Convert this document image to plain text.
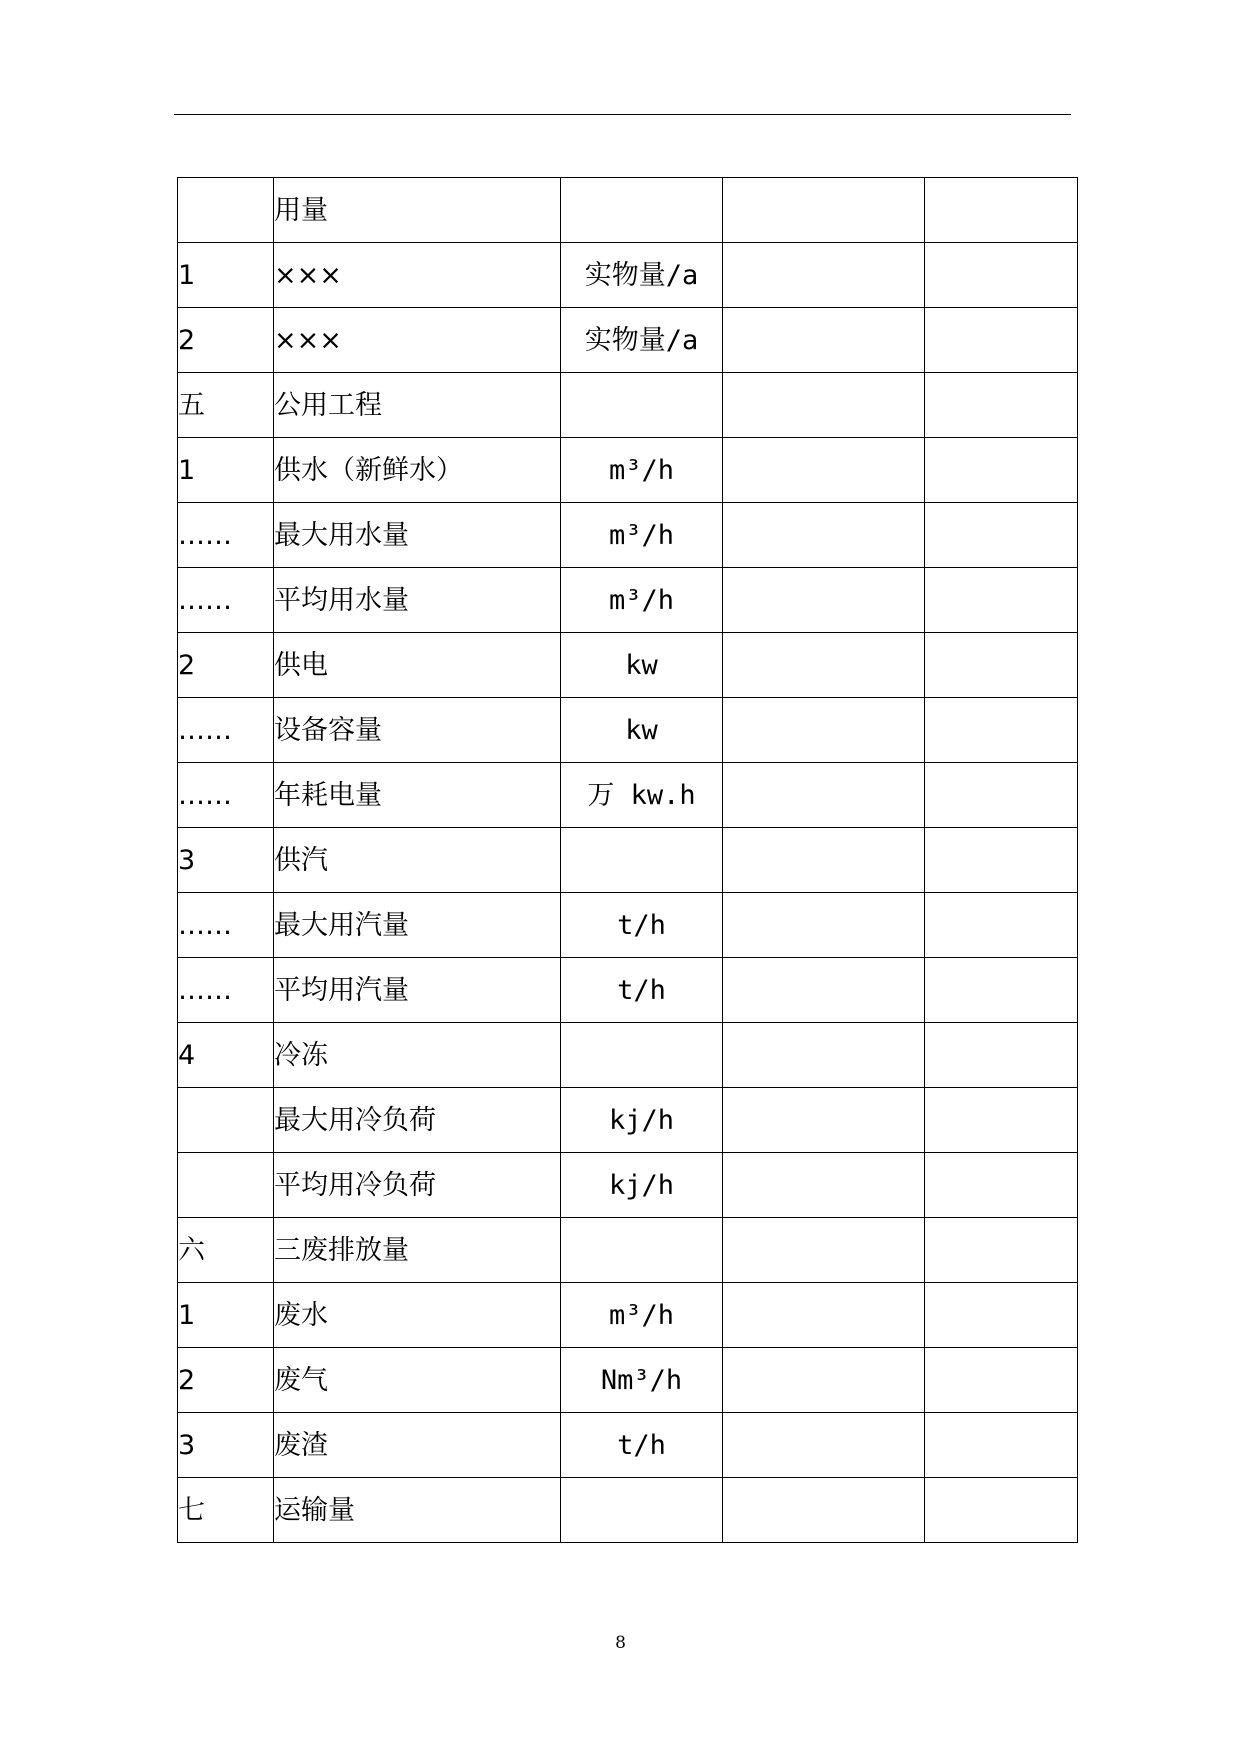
	用量			
1	×××	实物量/a		
2	×××	实物量/a		
五	公用工程			
1	供水（新鲜水）	m³/h		
……	最大用水量	m³/h		
……	平均用水量	m³/h		
2	供电	kw		
……	设备容量	kw		
……	年耗电量	万 kw.h		
3	供汽			
……	最大用汽量	t/h		
……	平均用汽量	t/h		
4	冷冻			
	最大用冷负荷	kj/h		
	平均用冷负荷	kj/h		
六	三废排放量			
1	废水	m³/h		
2	废气	Nm³/h		
3	废渣	t/h		
七	运输量			
8
